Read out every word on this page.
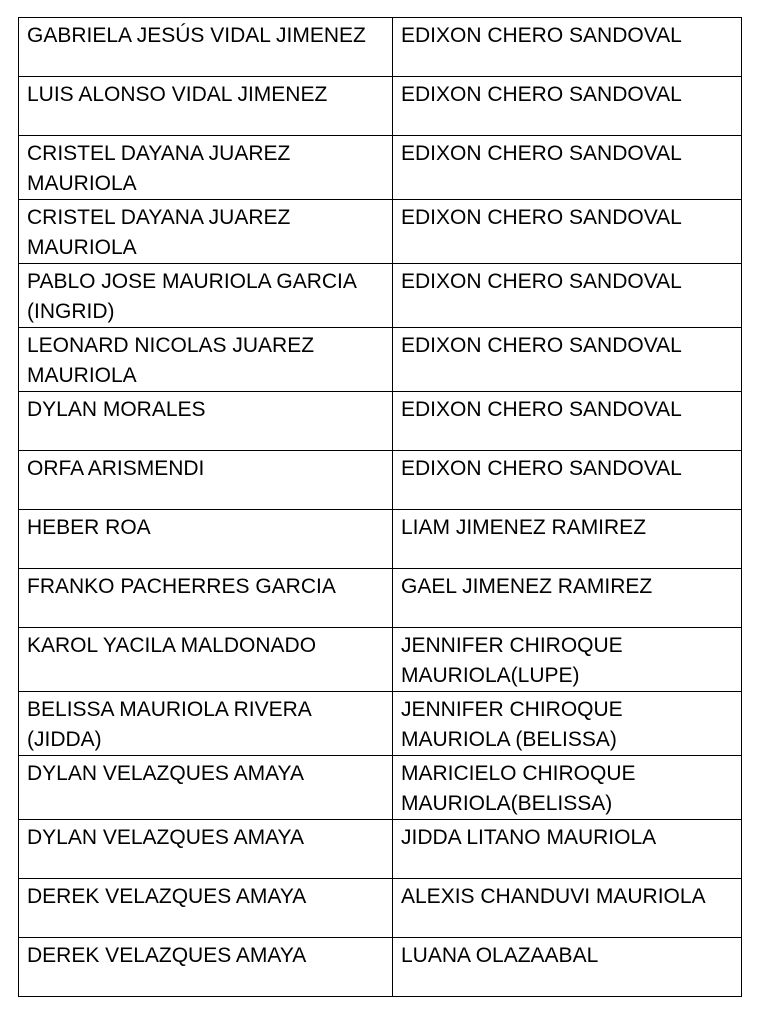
GABRIELA JESÚS VIDAL JIMENEZ	EDIXON CHERO SANDOVAL
LUIS ALONSO VIDAL JIMENEZ	EDIXON CHERO SANDOVAL
CRISTEL DAYANA JUAREZ MAURIOLA	EDIXON CHERO SANDOVAL
CRISTEL DAYANA JUAREZ MAURIOLA	EDIXON CHERO SANDOVAL
PABLO JOSE MAURIOLA GARCIA (INGRID)	EDIXON CHERO SANDOVAL
LEONARD NICOLAS JUAREZ MAURIOLA	EDIXON CHERO SANDOVAL
DYLAN MORALES	EDIXON CHERO SANDOVAL
ORFA ARISMENDI	EDIXON CHERO SANDOVAL
HEBER ROA	LIAM JIMENEZ RAMIREZ
FRANKO PACHERRES GARCIA	GAEL JIMENEZ RAMIREZ
KAROL YACILA MALDONADO	JENNIFER CHIROQUE MAURIOLA(LUPE)
BELISSA MAURIOLA RIVERA (JIDDA)	JENNIFER CHIROQUE MAURIOLA (BELISSA)
DYLAN VELAZQUES AMAYA	MARICIELO CHIROQUE MAURIOLA(BELISSA)
DYLAN VELAZQUES AMAYA	JIDDA LITANO MAURIOLA
DEREK VELAZQUES AMAYA	ALEXIS CHANDUVI MAURIOLA
DEREK VELAZQUES AMAYA	LUANA OLAZAABAL
